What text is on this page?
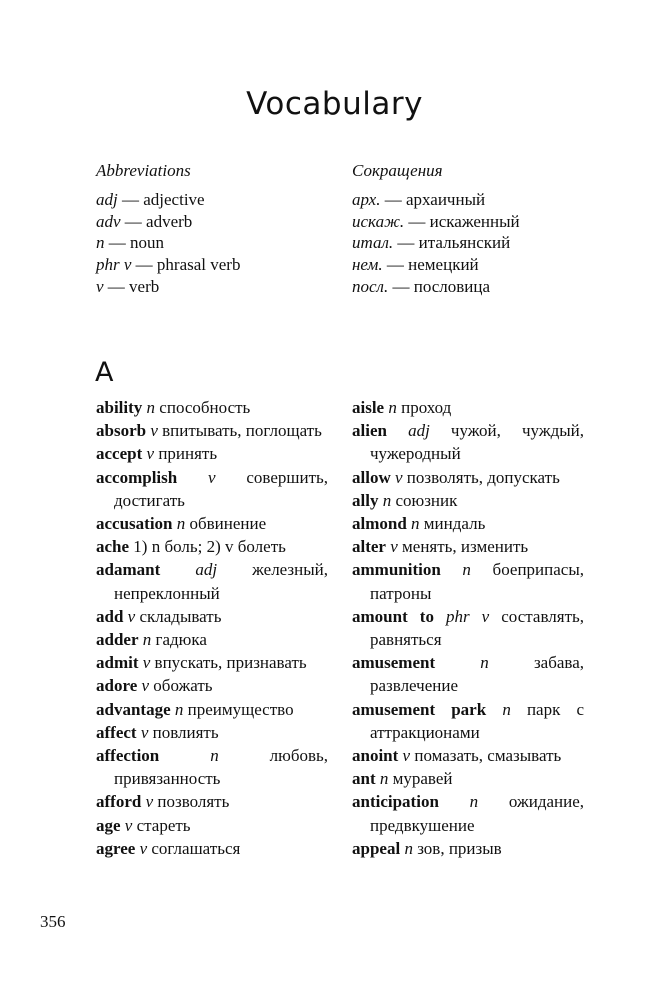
Vocabulary
Abbreviations
adj — adjective
adv — adverb
n — noun
phr v — phrasal verb
v — verb
Сокращения
арх. — архаичный
искаж. — искаженный
итал. — итальянский
нем. — немецкий
посл. — пословица
A
ability n способность
absorb v впитывать, поглощать
accept v принять
accomplish v совершить, достигать
accusation n обвинение
ache 1) n боль; 2) v болеть
adamant adj железный, непреклонный
add v складывать
adder n гадюка
admit v впускать, признавать
adore v обожать
advantage n преимущество
affect v повлиять
affection	n	любовь, привязанность
afford v позволять
age v стареть
agree v соглашаться
aisle n проход
alien adj чужой, чуждый, чужеродный
allow v позволять, допускать
ally n союзник
almond n миндаль
alter v менять, изменить
ammunition n боеприпасы, патроны
amount to phr v составлять, равняться
amusement	n	забава, развлечение
amusement park n парк с аттракционами
anoint v помазать, смазывать
ant n муравей
anticipation n ожидание, предвкушение
appeal n зов, призыв
356
